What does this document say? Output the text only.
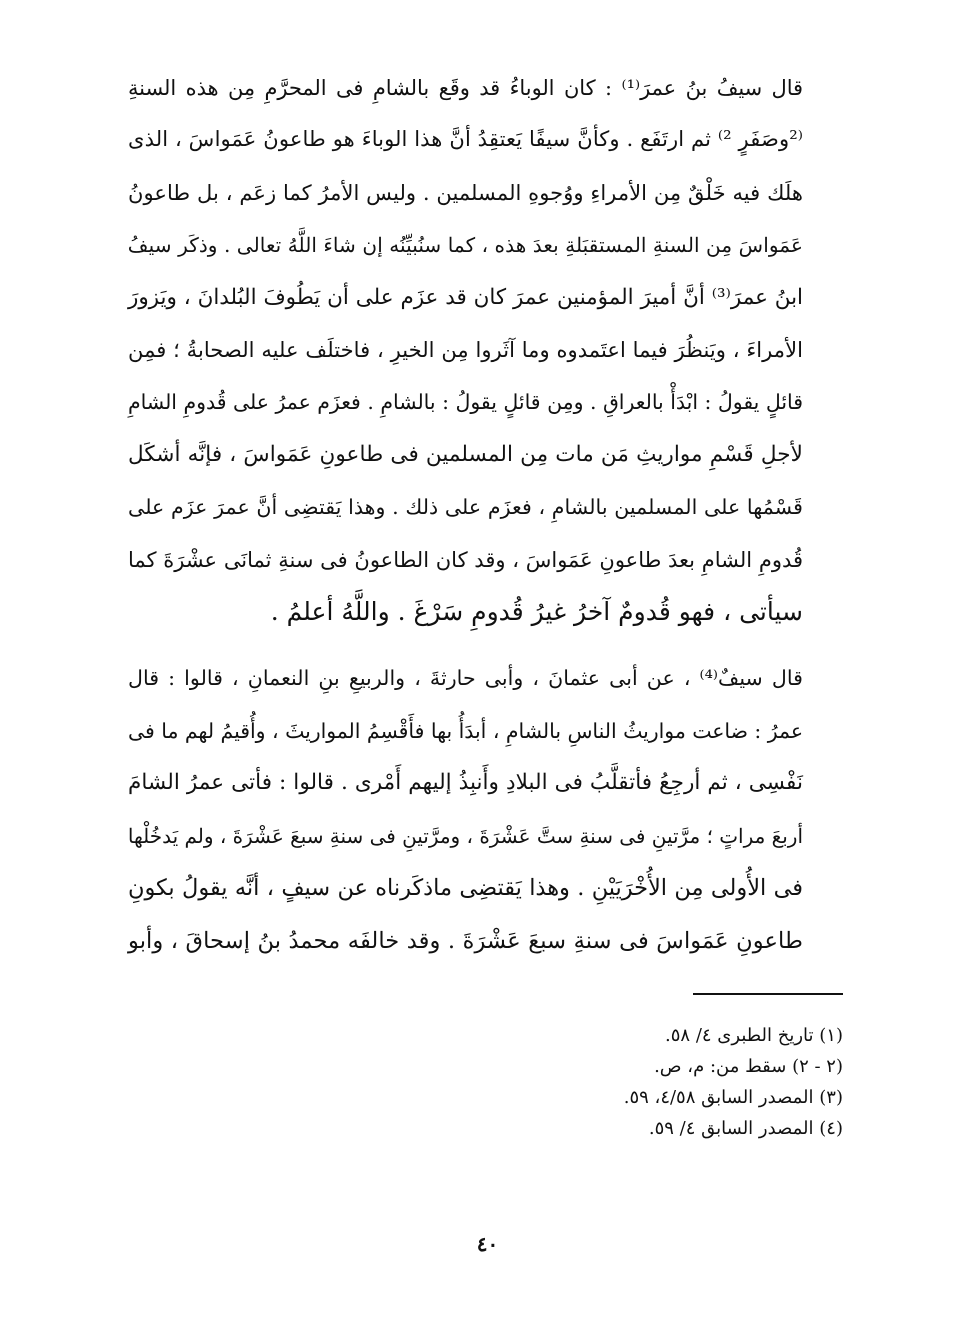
قال سيفُ بنُ عمرَ⁽¹⁾ : كان الوباءُ قد وقَع بالشامِ فى المحرَّمِ مِن هذه السنةِ
⁽²وصَفَرٍ ²⁾ ثم ارتَفَع . وكأنَّ سيفًا يَعتقِدُ أنَّ هذا الوباءَ هو طاعونُ عَمَواسَ ، الذى
هلَك فيه خَلْقٌ مِن الأمراءِ ووُجوهِ المسلمين . وليس الأمرُ كما زعَم ، بل طاعونُ
عَمَواسَ مِن السنةِ المستقبَلةِ بعدَ هذه ، كما سنُبيِّنُه إن شاءَ اللَّهُ تعالى . وذكَر سيفُ
ابنُ عمرَ⁽³⁾ أنَّ أميرَ المؤمنين عمرَ كان قد عزَم على أن يَطُوفَ البُلدانَ ، ويَزورَ
الأمراءَ ، ويَنظُرَ فيما اعتَمدوه وما آثَروا مِن الخيرِ ، فاختلَف عليه الصحابةُ ؛ فمِن
قائلٍ يقولُ : ابْدَأْ بالعراقِ . ومِن قائلٍ يقولُ : بالشامِ . فعزَم عمرُ على قُدومِ الشامِ
لأجلِ قَسْمِ مواريثِ مَن مات مِن المسلمين فى طاعونِ عَمَواسَ ، فإنَّه أشكَل
قَسْمُها على المسلمين بالشامِ ، فعزَم على ذلك . وهذا يَقتضِى أنَّ عمرَ عزَم على
قُدومِ الشامِ بعدَ طاعونِ عَمَواسَ ، وقد كان الطاعونُ فى سنةِ ثمانَى عشْرَةَ كما
سيأتى ، فهو قُدومٌ آخرُ غيرُ قُدومِ سَرْغَ . واللَّهُ أعلمُ .

قال سيفٌ⁽⁴⁾ ، عن أبى عثمانَ ، وأبى حارثةَ ، والربيعِ بنِ النعمانِ ، قالوا : قال
عمرُ : ضاعت مواريثُ الناسِ بالشامِ ، أبدَأُ بها فأَقْسِمُ المواريثَ ، وأُقيمُ لهم ما فى
نَفْسِى ، ثم أرجِعُ فأتقلَّبُ فى البلادِ وأَنبِذُ إليهم أَمْرى . قالوا : فأتى عمرُ الشامَ
أربعَ مراتٍ ؛ مرَّتينِ فى سنةِ ستَّ عَشْرَةَ ، ومرَّتينِ فى سنةِ سبعَ عَشْرَةَ ، ولم يَدخُلْها
فى الأُولى مِن الأُخْرَيَيْنِ . وهذا يَقتضِى ماذكَرناه عن سيفٍ ، أنَّه يقولُ بكونِ
طاعونِ عَمَواسَ فى سنةِ سبعَ عَشْرَةَ . وقد خالفَه محمدُ بنُ إسحاقَ ، وأبو

(١) تاريخ الطبرى ٤/ ٥٨.
(٢ - ٢) سقط من: م، ص.
(٣) المصدر السابق ٤/٥٨، ٥٩.
(٤) المصدر السابق ٤/ ٥٩.
٤٠
